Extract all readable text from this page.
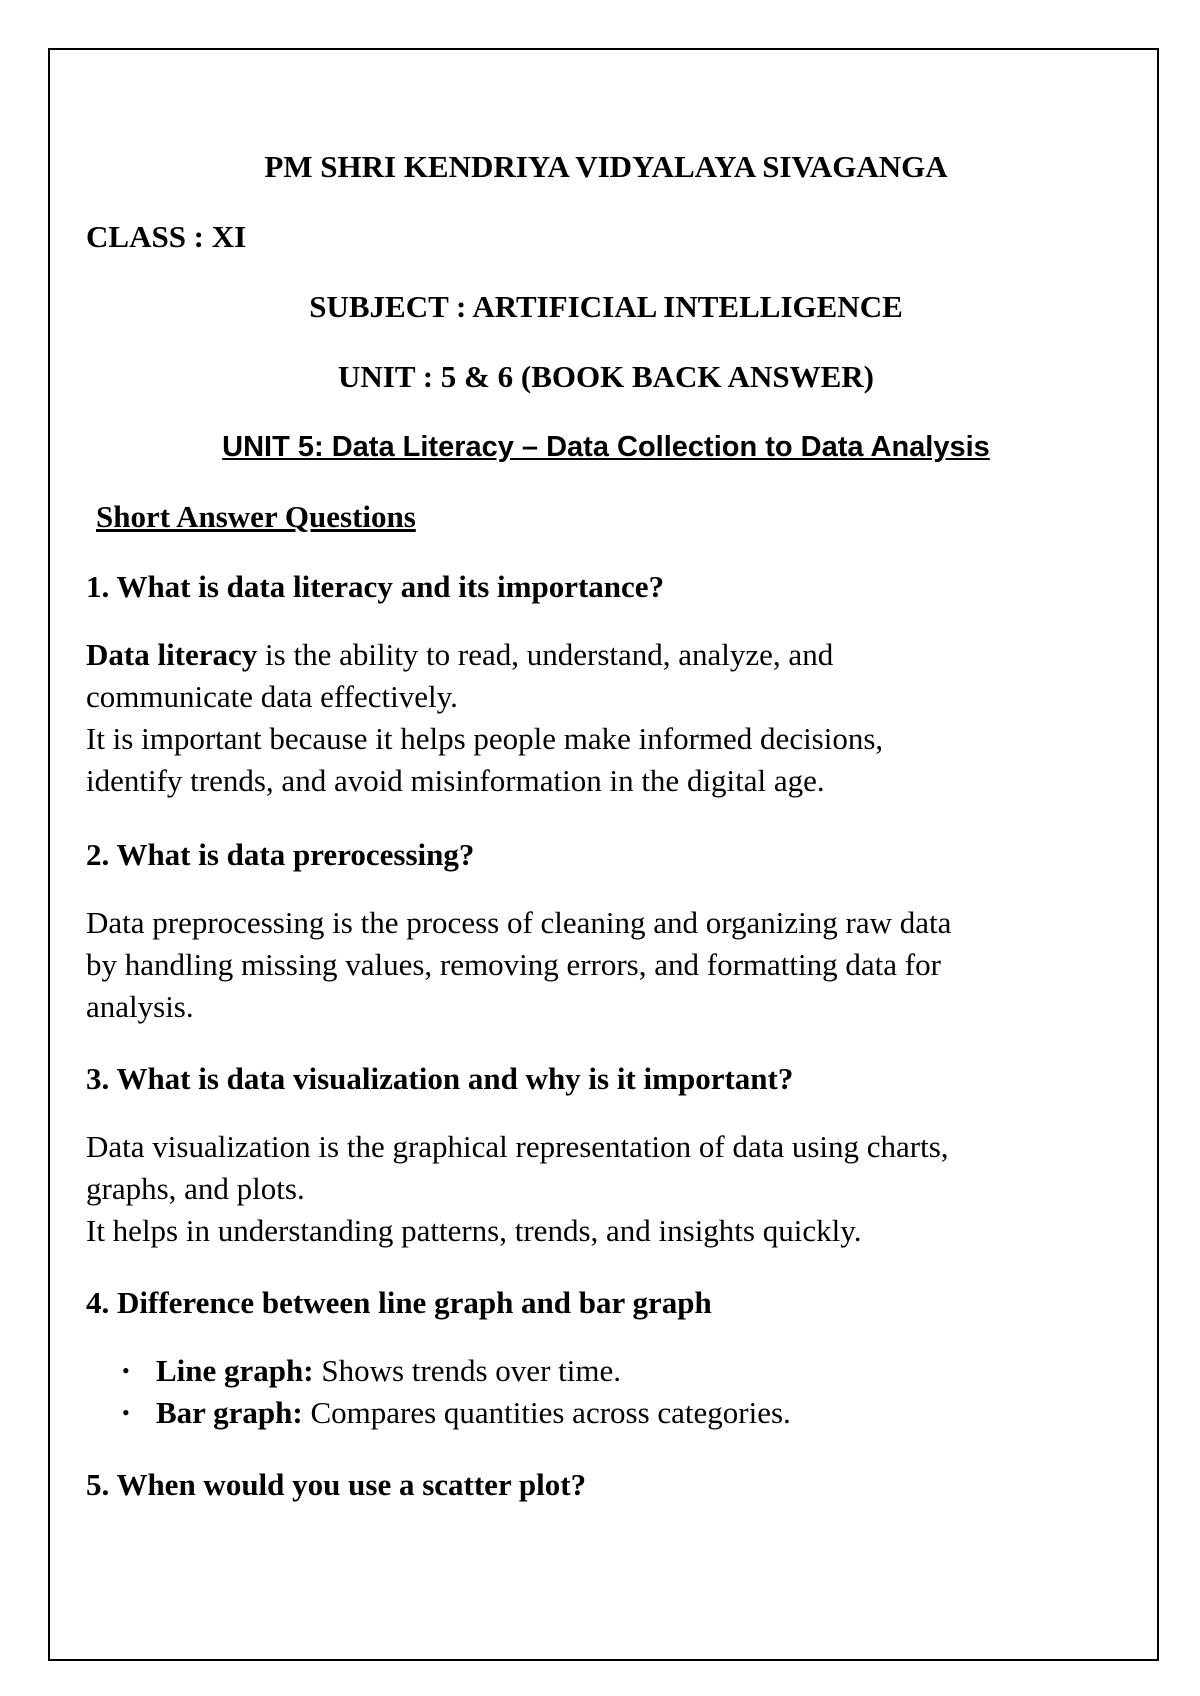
PM SHRI KENDRIYA VIDYALAYA SIVAGANGA
CLASS : XI
SUBJECT : ARTIFICIAL INTELLIGENCE
UNIT : 5 & 6 (BOOK BACK ANSWER)
UNIT 5: Data Literacy – Data Collection to Data Analysis
Short Answer Questions
1. What is data literacy and its importance?
Data literacy is the ability to read, understand, analyze, and
communicate data effectively.
It is important because it helps people make informed decisions,
identify trends, and avoid misinformation in the digital age.
2. What is data prerocessing?
Data preprocessing is the process of cleaning and organizing raw data
by handling missing values, removing errors, and formatting data for
analysis.
3. What is data visualization and why is it important?
Data visualization is the graphical representation of data using charts,
graphs, and plots.
It helps in understanding patterns, trends, and insights quickly.
4. Difference between line graph and bar graph
• Line graph: Shows trends over time.
• Bar graph: Compares quantities across categories.
5. When would you use a scatter plot?
